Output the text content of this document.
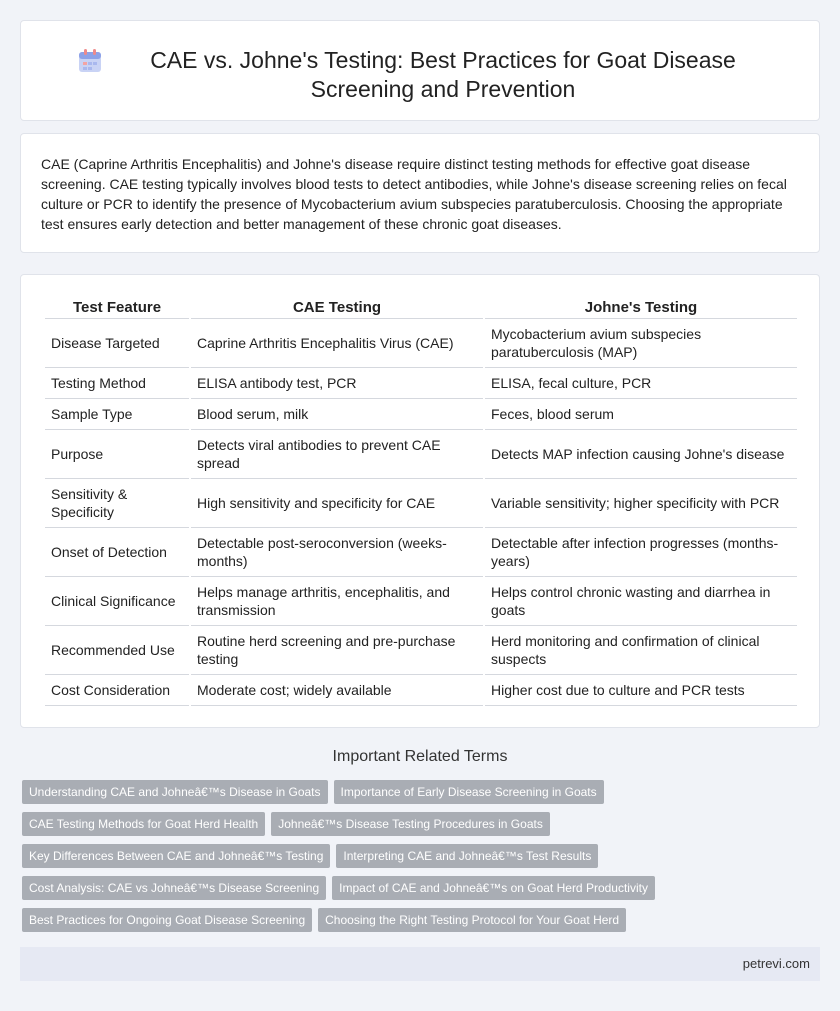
CAE vs. Johne's Testing: Best Practices for Goat Disease Screening and Prevention

CAE (Caprine Arthritis Encephalitis) and Johne's disease require distinct testing methods for effective goat disease screening. CAE testing typically involves blood tests to detect antibodies, while Johne's disease screening relies on fecal culture or PCR to identify the presence of Mycobacterium avium subspecies paratuberculosis. Choosing the appropriate test ensures early detection and better management of these chronic goat diseases.

Test Feature	CAE Testing	Johne's Testing
Disease Targeted	Caprine Arthritis Encephalitis Virus (CAE)	Mycobacterium avium subspecies paratuberculosis (MAP)
Testing Method	ELISA antibody test, PCR	ELISA, fecal culture, PCR
Sample Type	Blood serum, milk	Feces, blood serum
Purpose	Detects viral antibodies to prevent CAE spread	Detects MAP infection causing Johne's disease
Sensitivity & Specificity	High sensitivity and specificity for CAE	Variable sensitivity; higher specificity with PCR
Onset of Detection	Detectable post-seroconversion (weeks-months)	Detectable after infection progresses (months-years)
Clinical Significance	Helps manage arthritis, encephalitis, and transmission	Helps control chronic wasting and diarrhea in goats
Recommended Use	Routine herd screening and pre-purchase testing	Herd monitoring and confirmation of clinical suspects
Cost Consideration	Moderate cost; widely available	Higher cost due to culture and PCR tests
Important Related Terms
Understanding CAE and Johneâ€™s Disease in Goats	Importance of Early Disease Screening in Goats
CAE Testing Methods for Goat Herd Health	Johneâ€™s Disease Testing Procedures in Goats
Key Differences Between CAE and Johneâ€™s Testing	Interpreting CAE and Johneâ€™s Test Results
Cost Analysis: CAE vs Johneâ€™s Disease Screening	Impact of CAE and Johneâ€™s on Goat Herd Productivity
Best Practices for Ongoing Goat Disease Screening	Choosing the Right Testing Protocol for Your Goat Herd
petrevi.com
